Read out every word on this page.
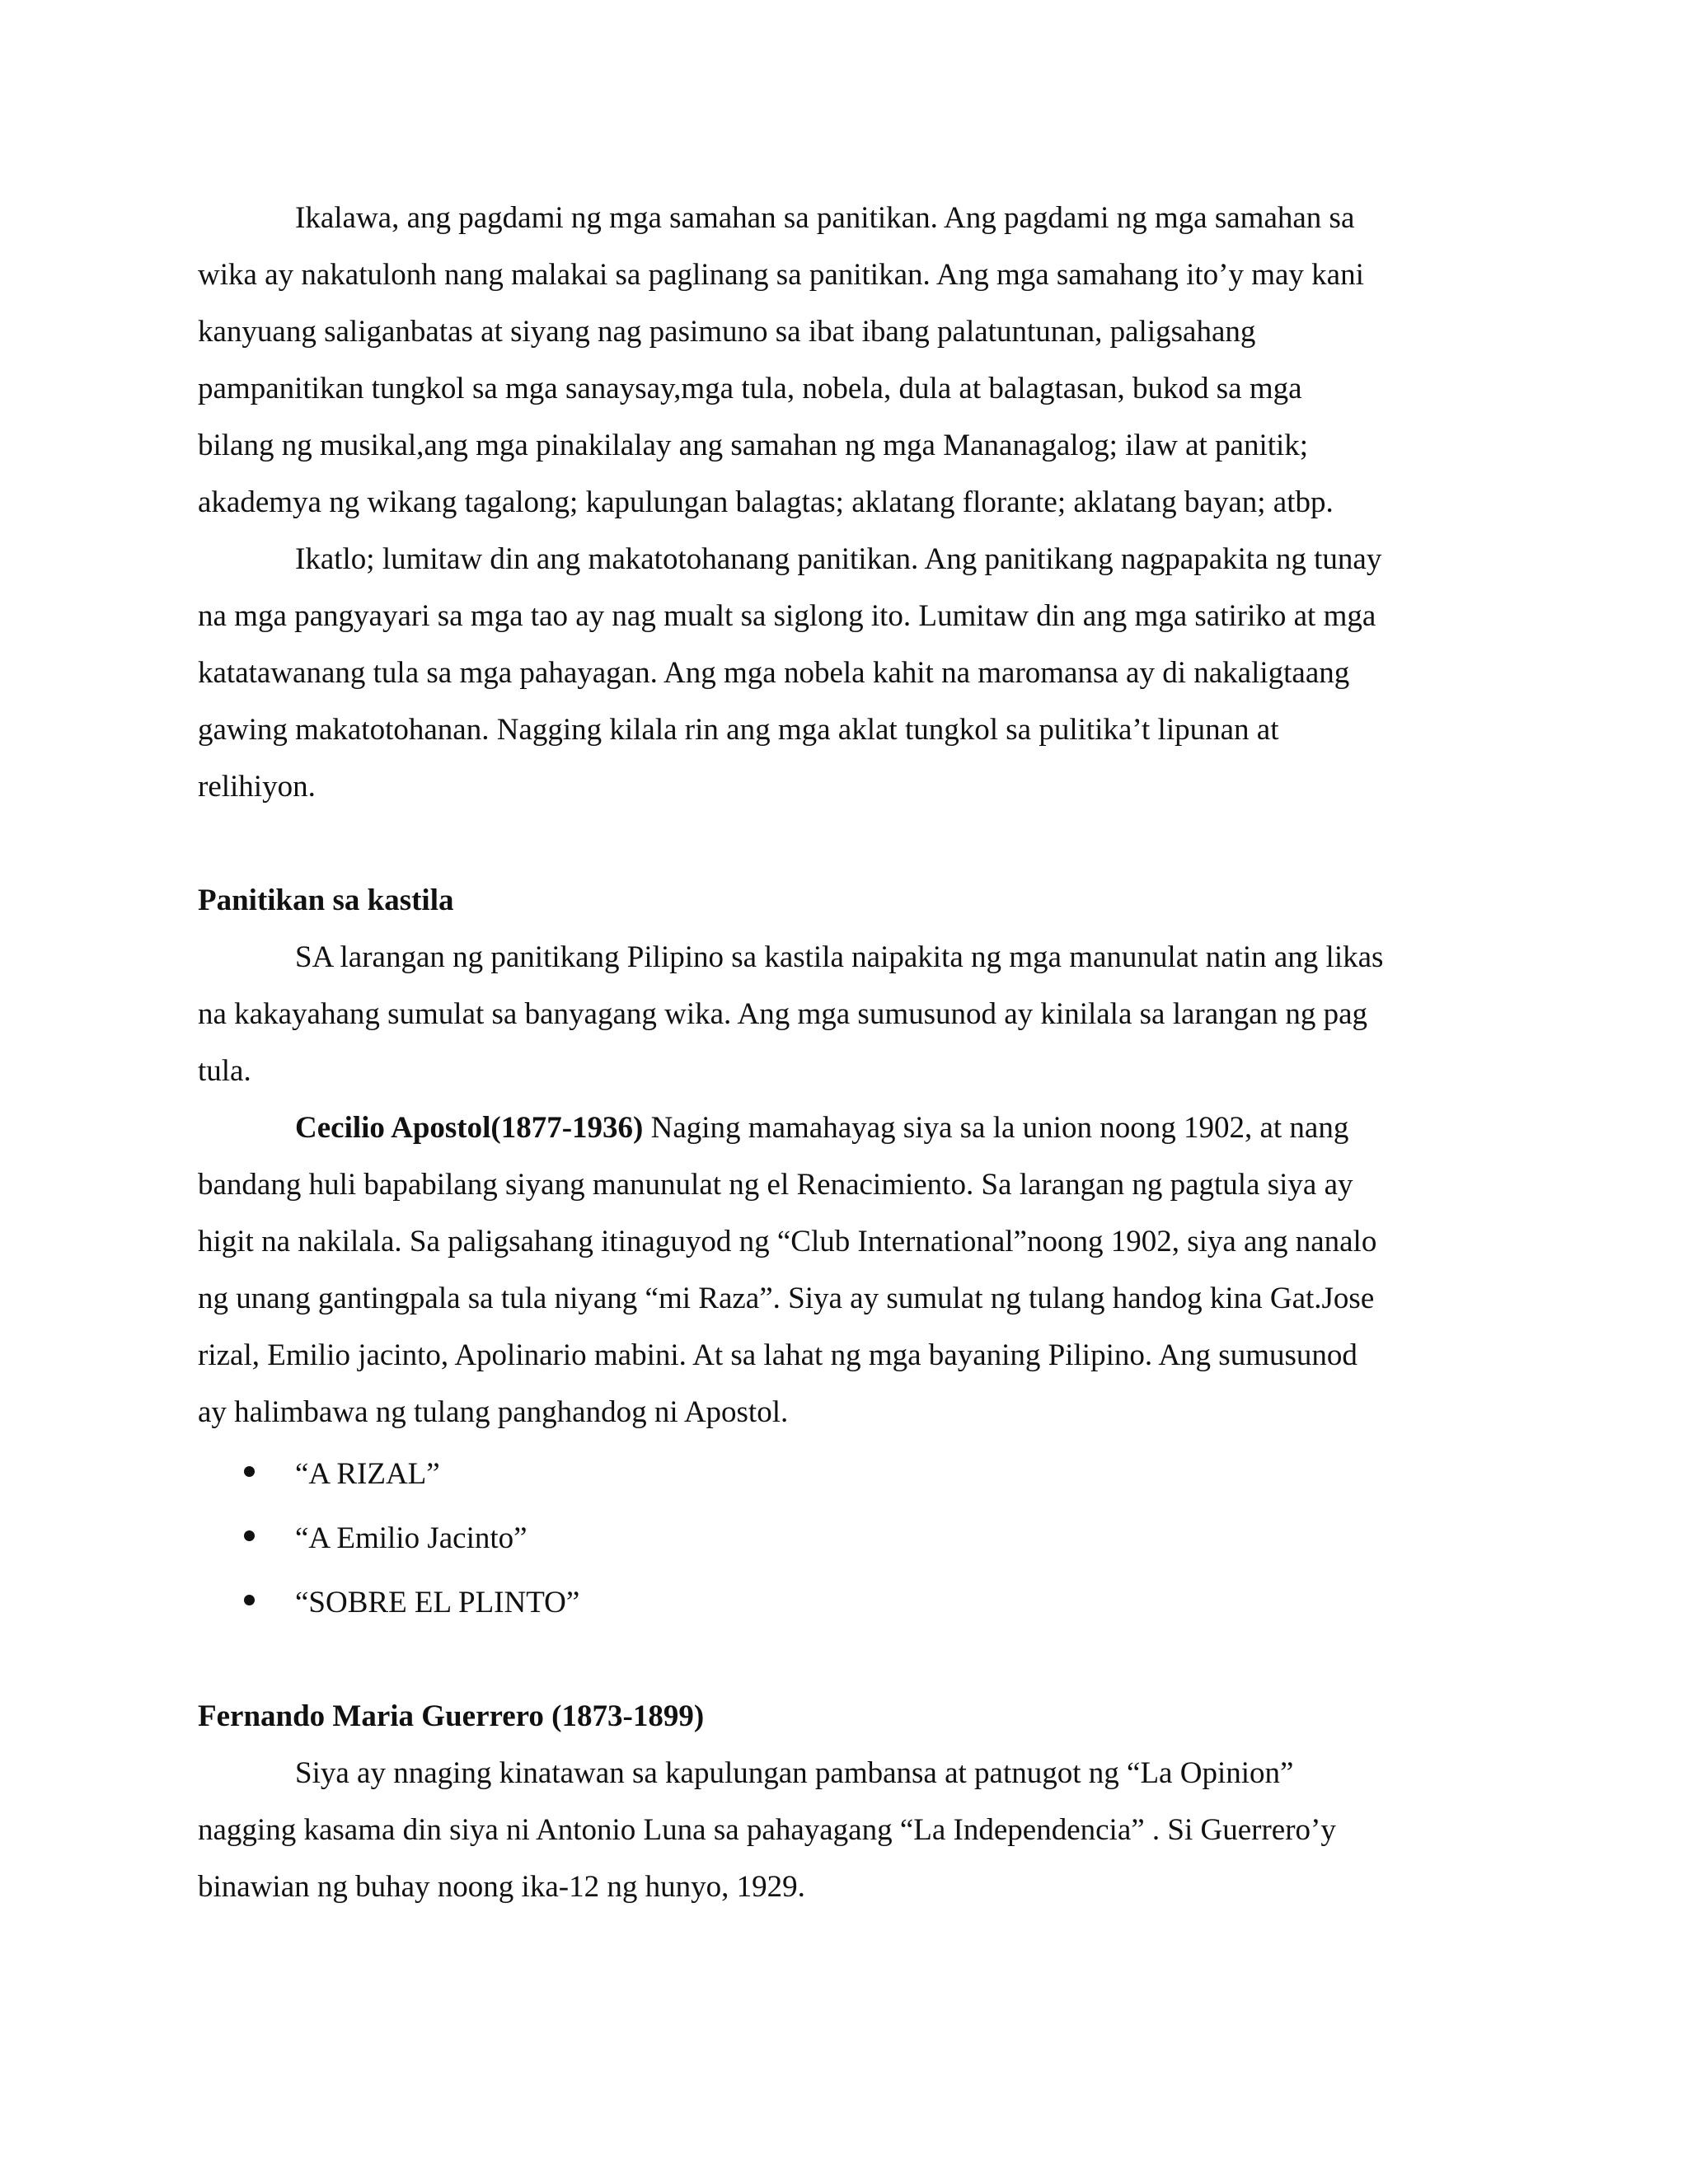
Ikalawa, ang pagdami ng mga samahan sa panitikan. Ang pagdami ng mga samahan sa
wika ay nakatulonh nang malakai sa paglinang sa panitikan. Ang mga samahang ito’y may kani
kanyuang saliganbatas at siyang nag pasimuno sa ibat ibang palatuntunan, paligsahang
pampanitikan tungkol sa mga sanaysay,mga tula, nobela, dula at balagtasan, bukod sa mga
bilang ng musikal,ang mga pinakilalay ang samahan ng mga Mananagalog; ilaw at panitik;
akademya ng wikang tagalong; kapulungan balagtas; aklatang florante; aklatang bayan; atbp.
Ikatlo; lumitaw din ang makatotohanang panitikan. Ang panitikang nagpapakita ng tunay
na mga pangyayari sa mga tao ay nag mualt sa siglong ito. Lumitaw din ang mga satiriko at mga
katatawanang tula sa mga pahayagan. Ang mga nobela kahit na maromansa ay di nakaligtaang
gawing makatotohanan. Nagging kilala rin ang mga aklat tungkol sa pulitika’t lipunan at
relihiyon.
Panitikan sa kastila
SA larangan ng panitikang Pilipino sa kastila naipakita ng mga manunulat natin ang likas
na kakayahang sumulat sa banyagang wika. Ang mga sumusunod ay kinilala sa larangan ng pag
tula.
Cecilio Apostol(1877-1936) Naging mamahayag siya sa la union noong 1902, at nang
bandang huli bapabilang siyang manunulat ng el Renacimiento. Sa larangan ng pagtula siya ay
higit na nakilala. Sa paligsahang itinaguyod ng “Club International”noong 1902, siya ang nanalo
ng unang gantingpala sa tula niyang “mi Raza”. Siya ay sumulat ng tulang handog kina Gat.Jose
rizal, Emilio jacinto, Apolinario mabini. At sa lahat ng mga bayaning Pilipino. Ang sumusunod
ay halimbawa ng tulang panghandog ni Apostol.
“A RIZAL”
“A Emilio Jacinto”
“SOBRE EL PLINTO”
Fernando Maria Guerrero (1873-1899)
Siya ay nnaging kinatawan sa kapulungan pambansa at patnugot ng “La Opinion”
nagging kasama din siya ni Antonio Luna sa pahayagang “La Independencia” . Si Guerrero’y
binawian ng buhay noong ika-12 ng hunyo, 1929.
